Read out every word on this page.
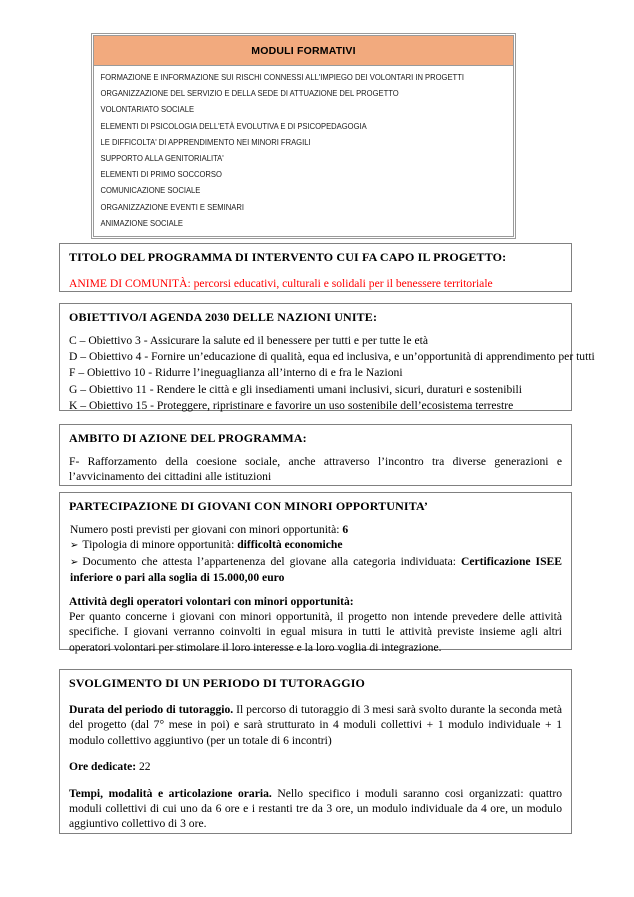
MODULI FORMATIVI
FORMAZIONE E INFORMAZIONE SUI RISCHI CONNESSI ALL'IMPIEGO DEI VOLONTARI IN PROGETTI
ORGANIZZAZIONE DEL SERVIZIO E DELLA SEDE DI ATTUAZIONE DEL PROGETTO
VOLONTARIATO SOCIALE
ELEMENTI DI PSICOLOGIA DELL'ETÀ EVOLUTIVA E DI PSICOPEDAGOGIA
LE DIFFICOLTA' DI APPRENDIMENTO NEI MINORI FRAGILI
SUPPORTO ALLA GENITORIALITA'
ELEMENTI DI PRIMO SOCCORSO
COMUNICAZIONE SOCIALE
ORGANIZZAZIONE EVENTI E SEMINARI
ANIMAZIONE SOCIALE
TITOLO DEL PROGRAMMA DI INTERVENTO CUI FA CAPO IL PROGETTO:

ANIME DI COMUNITÀ: percorsi educativi, culturali e solidali per il benessere territoriale

OBIETTIVO/I AGENDA 2030 DELLE NAZIONI UNITE:
C – Obiettivo 3 - Assicurare la salute ed il benessere per tutti e per tutte le età
D – Obiettivo 4 - Fornire un’educazione di qualità, equa ed inclusiva, e un’opportunità di apprendimento per tutti
F – Obiettivo 10 - Ridurre l’ineguaglianza all’interno di e fra le Nazioni
G – Obiettivo 11 - Rendere le città e gli insediamenti umani inclusivi, sicuri, duraturi e sostenibili
K – Obiettivo 15 - Proteggere, ripristinare e favorire un uso sostenibile dell’ecosistema terrestre
AMBITO DI AZIONE DEL PROGRAMMA:

F- Rafforzamento della coesione sociale, anche attraverso l’incontro tra diverse generazioni e l’avvicinamento dei cittadini alle istituzioni

PARTECIPAZIONE DI GIOVANI CON MINORI OPPORTUNITA’

Numero posti previsti per giovani con minori opportunità: 6

➢ Tipologia di minore opportunità: difficoltà economiche

➢ Documento che attesta l’appartenenza del giovane alla categoria individuata: Certificazione ISEE inferiore o pari alla soglia di 15.000,00 euro

Attività degli operatori volontari con minori opportunità:

Per quanto concerne i giovani con minori opportunità, il progetto non intende prevedere delle attività specifiche. I giovani verranno coinvolti in egual misura in tutti le attività previste insieme agli altri operatori volontari per stimolare il loro interesse e la loro voglia di integrazione.

SVOLGIMENTO DI UN PERIODO DI TUTORAGGIO

Durata del periodo di tutoraggio. Il percorso di tutoraggio di 3 mesi sarà svolto durante la seconda metà del progetto (dal 7° mese in poi) e sarà strutturato in 4 moduli collettivi + 1 modulo individuale + 1 modulo collettivo aggiuntivo (per un totale di 6 incontri)

Ore dedicate: 22

Tempi, modalità e articolazione oraria. Nello specifico i moduli saranno cosi organizzati: quattro moduli collettivi di cui uno da 6 ore e i restanti tre da 3 ore, un modulo individuale da 4 ore, un modulo aggiuntivo collettivo di 3 ore.
